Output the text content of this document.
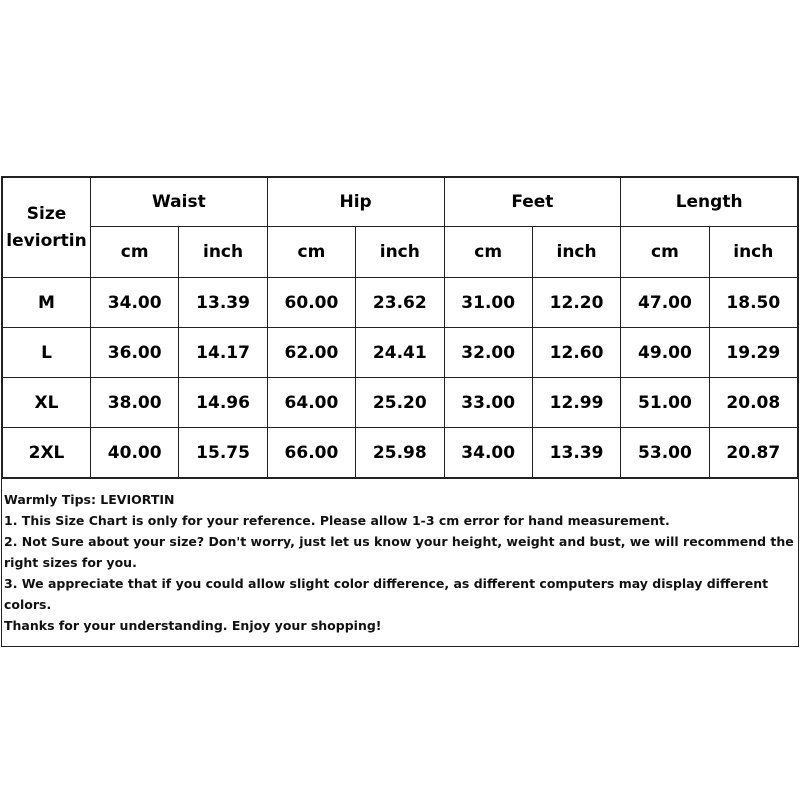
Size
leviortin	Waist		Hip		Feet		Length	
	cm	inch	cm	inch	cm	inch	cm	inch
M	34.00	13.39	60.00	23.62	31.00	12.20	47.00	18.50
L	36.00	14.17	62.00	24.41	32.00	12.60	49.00	19.29
XL	38.00	14.96	64.00	25.20	33.00	12.99	51.00	20.08
2XL	40.00	15.75	66.00	25.98	34.00	13.39	53.00	20.87
Warmly Tips: LEVIORTIN
1. This Size Chart is only for your reference. Please allow 1-3 cm error for hand measurement.
2. Not Sure about your size? Don't worry, just let us know your height, weight and bust, we will recommend the right sizes for you.
3. We appreciate that if you could allow slight color difference, as different computers may display different colors.
Thanks for your understanding. Enjoy your shopping!
